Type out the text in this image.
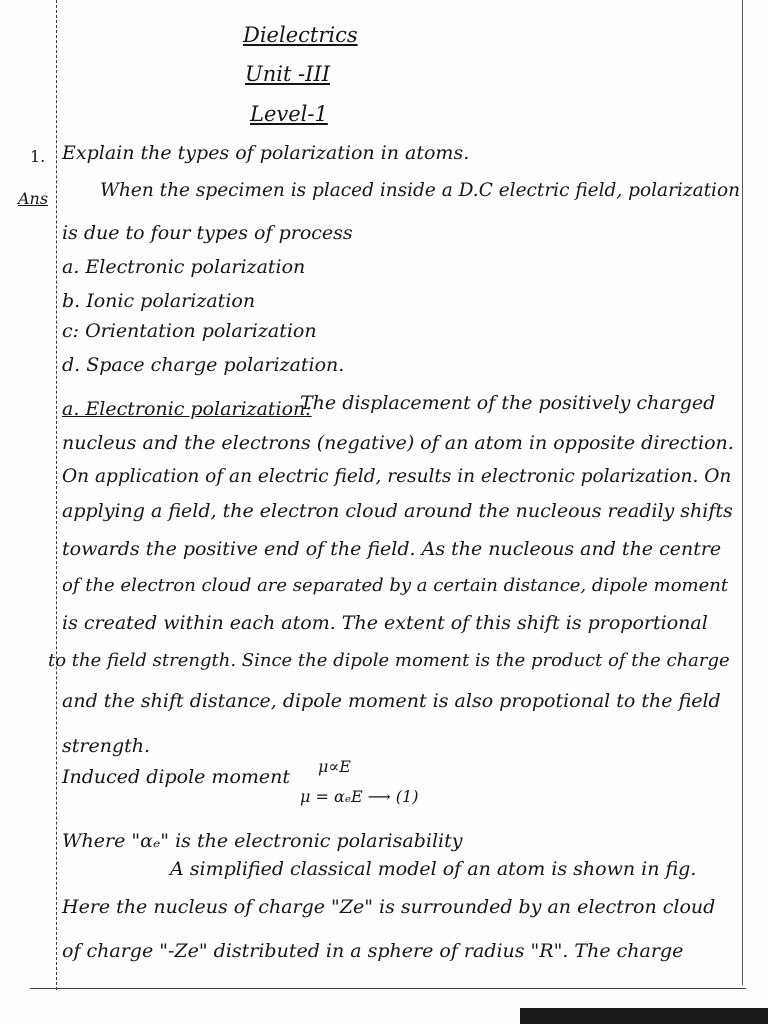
Dielectrics
Unit -III
Level-1
1. Explain the types of polarization in atoms.
Ans	When the specimen is placed inside a D.C electric field, polarization
is due to four types of process
a. Electronic polarization
b. Ionic polarization
c: Orientation polarization
d. Space charge polarization.
a. Electronic polarization:
The displacement of the positively charged
nucleus and the electrons (negative) of an atom in opposite direction.
On application of an electric field, results in electronic polarization. On
applying a field, the electron cloud around the nucleous readily shifts
towards the positive end of the field. As the nucleous and the centre
of the electron cloud are separated by a certain distance, dipole moment
is created within each atom. The extent of this shift is proportional
to the field strength. Since the dipole moment is the product of the charge
and the shift distance, dipole moment is also propotional to the field
strength.
Induced dipole moment μ∝E
μ = αₑE ⟶ (1)
Where "αₑ" is the electronic polarisability
A simplified classical model of an atom is shown in fig.
Here the nucleus of charge "Ze" is surrounded by an electron cloud
of charge "-Ze" distributed in a sphere of radius "R". The charge
